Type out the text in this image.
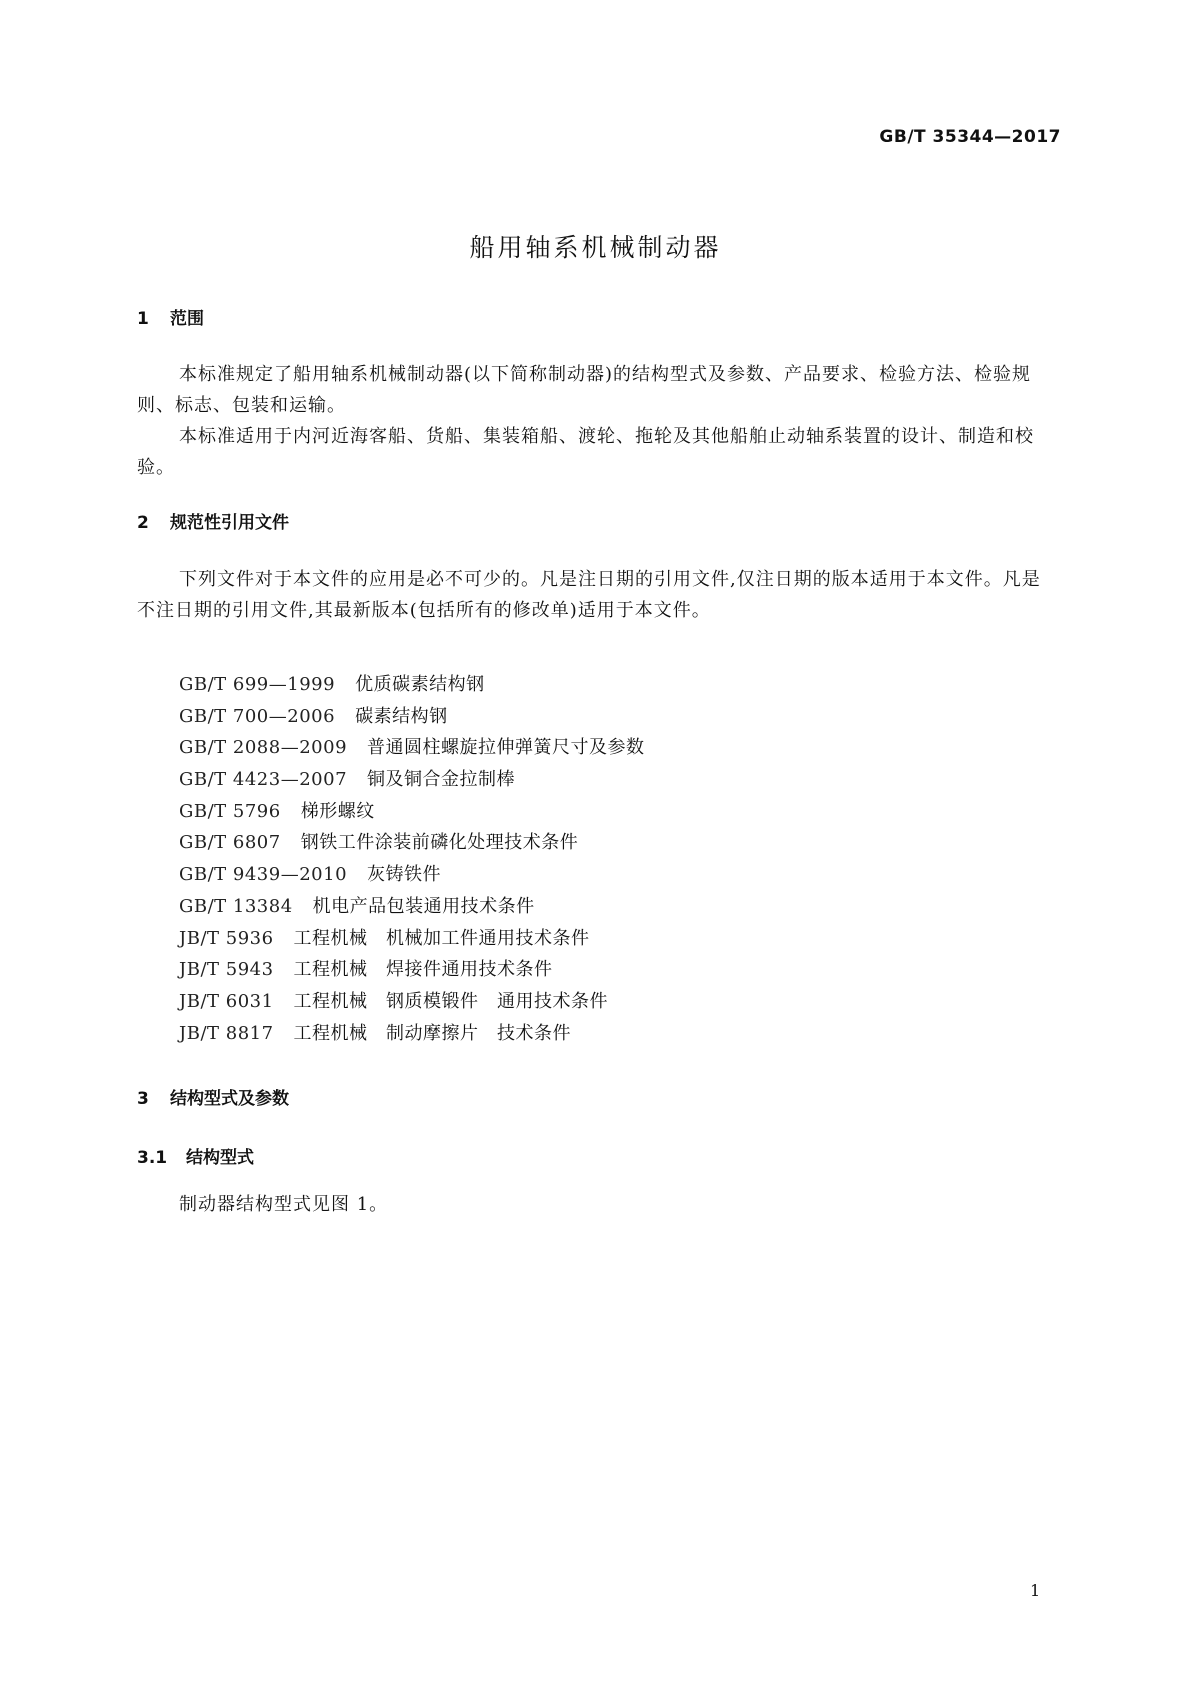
GB/T 35344—2017
船用轴系机械制动器
1 范围

本标准规定了船用轴系机械制动器(以下简称制动器)的结构型式及参数、产品要求、检验方法、检验规则、标志、包装和运输。

本标准适用于内河近海客船、货船、集装箱船、渡轮、拖轮及其他船舶止动轴系装置的设计、制造和校验。

2 规范性引用文件

下列文件对于本文件的应用是必不可少的。凡是注日期的引用文件,仅注日期的版本适用于本文件。凡是不注日期的引用文件,其最新版本(包括所有的修改单)适用于本文件。

GB/T 699—1999 优质碳素结构钢
GB/T 700—2006 碳素结构钢
GB/T 2088—2009 普通圆柱螺旋拉伸弹簧尺寸及参数
GB/T 4423—2007 铜及铜合金拉制棒
GB/T 5796 梯形螺纹
GB/T 6807 钢铁工件涂装前磷化处理技术条件
GB/T 9439—2010 灰铸铁件
GB/T 13384 机电产品包装通用技术条件
JB/T 5936 工程机械　机械加工件通用技术条件
JB/T 5943 工程机械　焊接件通用技术条件
JB/T 6031 工程机械　钢质模锻件　通用技术条件
JB/T 8817 工程机械　制动摩擦片　技术条件
3 结构型式及参数
3.1 结构型式

制动器结构型式见图 1。

1
